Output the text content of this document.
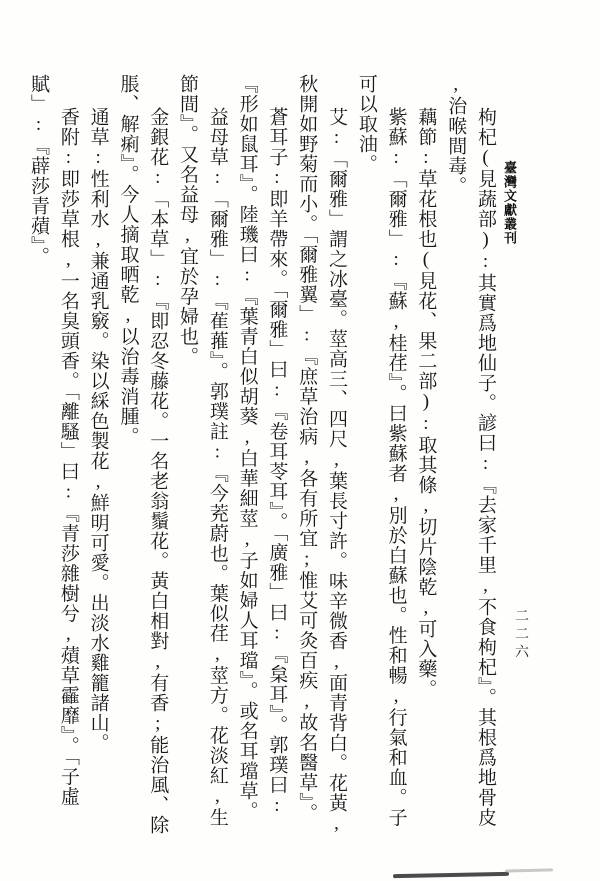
臺灣文獻叢刊
二二六
枸杞(見蔬部):其實爲地仙子。諺曰:『去家千里,不食枸杞』。其根爲地骨皮
,治喉間毒。
藕節:草花根也(見花、果二部):取其條,切片陰乾,可入藥。
紫蘇:「爾雅」:『蘇,桂荏』。曰紫蘇者,別於白蘇也。性和暢,行氣和血。子
可以取油。
艾:「爾雅」謂之冰臺。莖高三、四尺,葉長寸許。味辛微香,面青背白。花黃,
秋開如野菊而小。「爾雅翼」:『庶草治病,各有所宜;惟艾可灸百疾,故名醫草』。
蒼耳子:即羊帶來。「爾雅」曰:『卷耳苓耳』。「廣雅」曰:『枲耳』。郭璞曰:
『形如鼠耳』。陸璣曰:『葉青白似胡葵,白華細莖,子如婦人耳璫』。或名耳璫草。
益母草:「爾雅」:『萑蓷』。郭璞註:『今茺蔚也。葉似荏,莖方。花淡紅,生
節間』。又名益母,宜於孕婦也。
金銀花:「本草」:『即忍冬藤花。一名老翁鬚花。黃白相對,有香;能治風、除
脹、解痢』。今人摘取晒乾,以治毒消腫。
通草:性利水,兼通乳竅。染以綵色製花,鮮明可愛。出淡水雞籠諸山。
香附:即莎草根,一名臭頭香。「離騷」曰:『青莎雜樹兮,薠草靃靡』。「子虛
賦」:『薜莎青薠』。
